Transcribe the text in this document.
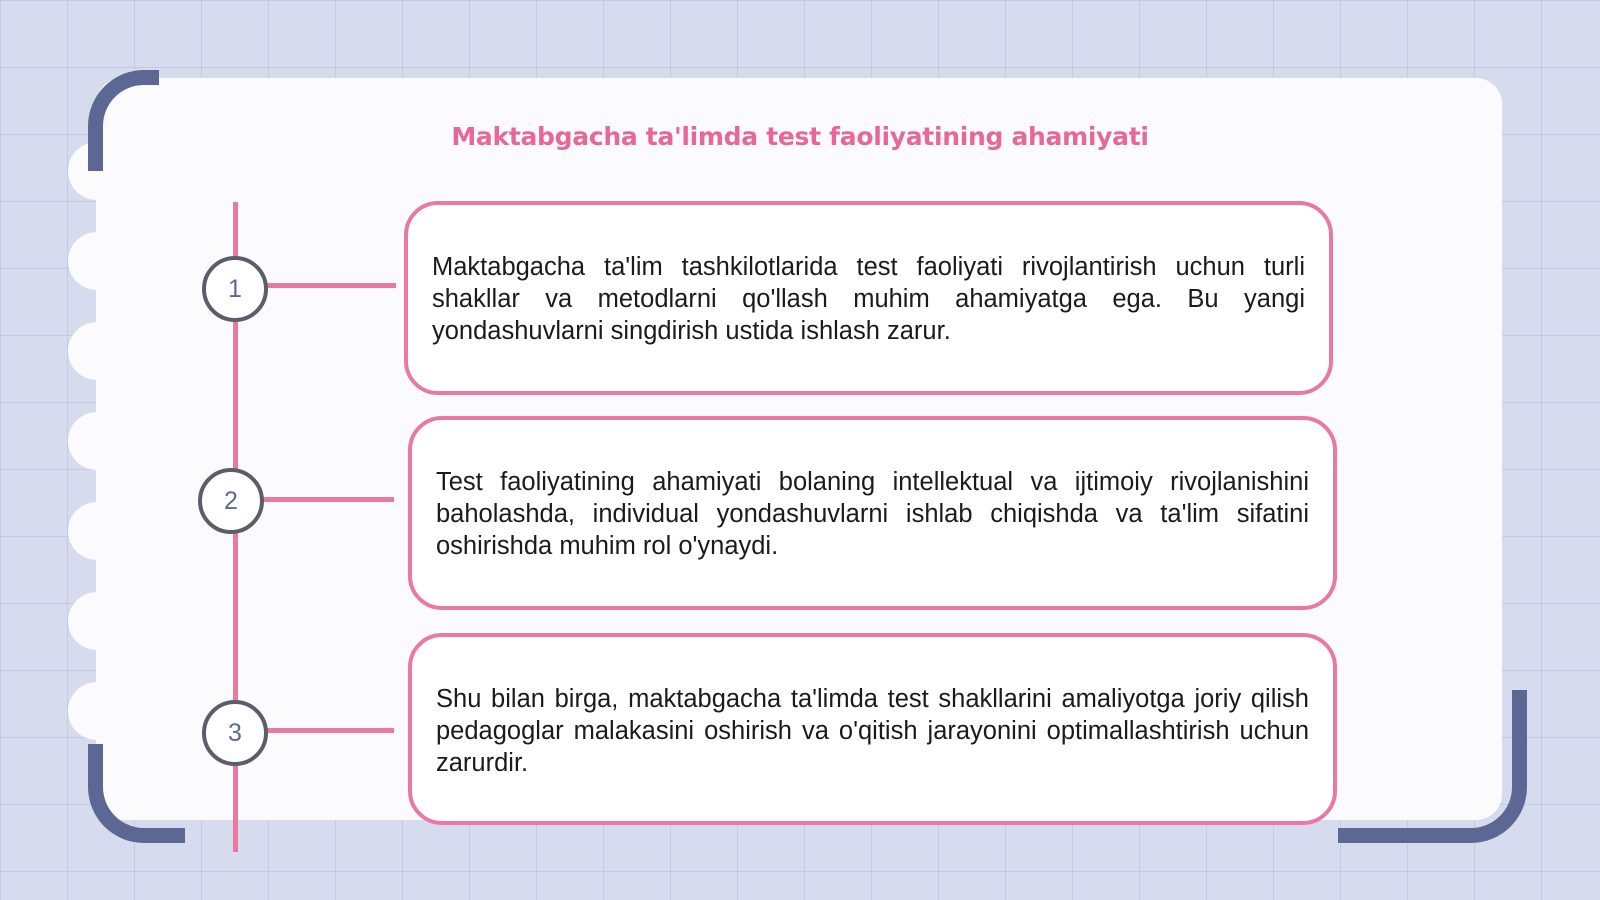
Maktabgacha ta'limda test faoliyatining ahamiyati
1

Maktabgacha ta'lim tashkilotlarida test faoliyati rivojlantirish uchun turli shakllar va metodlarni qo'llash muhim ahamiyatga ega. Bu yangi yondashuvlarni singdirish ustida ishlash zarur.

2

Test faoliyatining ahamiyati bolaning intellektual va ijtimoiy rivojlanishini baholashda, individual yondashuvlarni ishlab chiqishda va ta'lim sifatini oshirishda muhim rol o'ynaydi.

3

Shu bilan birga, maktabgacha ta'limda test shakllarini amaliyotga joriy qilish pedagoglar malakasini oshirish va o'qitish jarayonini optimallashtirish uchun zarurdir.
